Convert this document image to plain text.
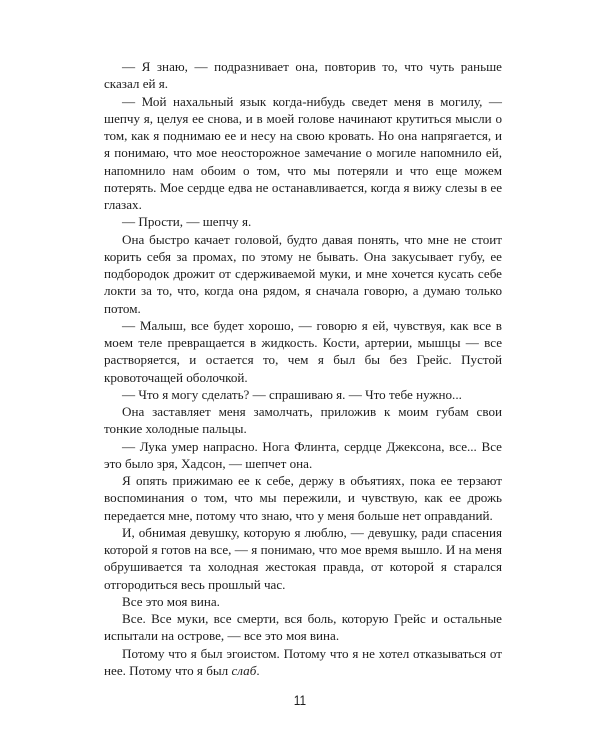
— Я знаю, — подразнивает она, повторив то, что чуть раньше сказал ей я.

— Мой нахальный язык когда-нибудь сведет меня в могилу, — шепчу я, целуя ее снова, и в моей голове начинают крутиться мысли о том, как я поднимаю ее и несу на свою кровать. Но она напрягается, и я понимаю, что мое неосторожное замечание о могиле напомнило ей, напомнило нам обоим о том, что мы потеряли и что еще можем потерять. Мое сердце едва не останавливается, когда я вижу слезы в ее глазах.

— Прости, — шепчу я.

Она быстро качает головой, будто давая понять, что мне не стоит корить себя за промах, по этому не бывать. Она закусывает губу, ее подбородок дрожит от сдерживаемой муки, и мне хочется кусать себе локти за то, что, когда она рядом, я сначала говорю, а думаю только потом.

— Малыш, все будет хорошо, — говорю я ей, чувствуя, как все в моем теле превращается в жидкость. Кости, артерии, мышцы — все растворяется, и остается то, чем я был бы без Грейс. Пустой кровоточащей оболочкой.

— Что я могу сделать? — спрашиваю я. — Что тебе нужно...

Она заставляет меня замолчать, приложив к моим губам свои тонкие холодные пальцы.

— Лука умер напрасно. Нога Флинта, сердце Джексона, все... Все это было зря, Хадсон, — шепчет она.

Я опять прижимаю ее к себе, держу в объятиях, пока ее терзают воспоминания о том, что мы пережили, и чувствую, как ее дрожь передается мне, потому что знаю, что у меня больше нет оправданий.

И, обнимая девушку, которую я люблю, — девушку, ради спасения которой я готов на все, — я понимаю, что мое время вышло. И на меня обрушивается та холодная жестокая правда, от которой я старался отгородиться весь прошлый час.

Все это моя вина.

Все. Все муки, все смерти, вся боль, которую Грейс и остальные испытали на острове, — все это моя вина.

Потому что я был эгоистом. Потому что я не хотел отказываться от нее. Потому что я был слаб.

11
